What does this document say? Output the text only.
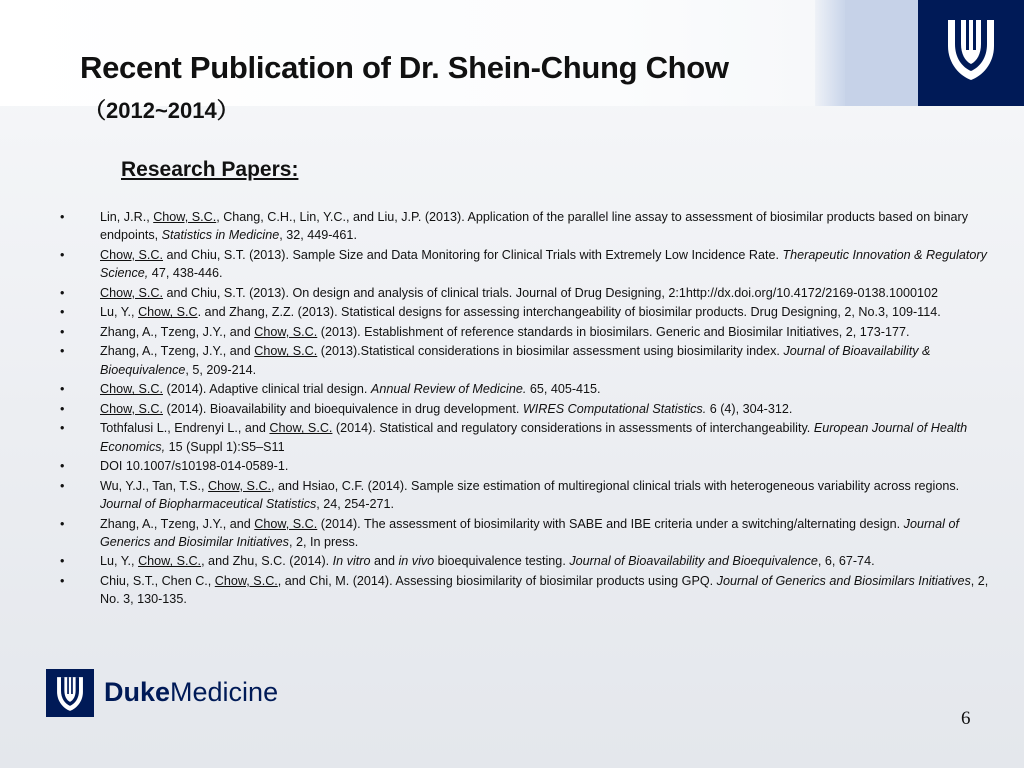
Recent Publication of Dr. Shein-Chung Chow
（2012~2014）
Research Papers:
•	Lin, J.R., Chow, S.C., Chang, C.H., Lin, Y.C., and Liu, J.P. (2013). Application of the parallel line assay to assessment of biosimilar products based on binary endpoints, Statistics in Medicine, 32, 449-461.
•	Chow, S.C. and Chiu, S.T. (2013). Sample Size and Data Monitoring for Clinical Trials with Extremely Low Incidence Rate. Therapeutic Innovation & Regulatory Science, 47, 438-446.
•	Chow, S.C. and Chiu, S.T. (2013). On design and analysis of clinical trials. Journal of Drug Designing, 2:1http://dx.doi.org/10.4172/2169-0138.1000102
•	Lu, Y., Chow, S.C. and Zhang, Z.Z. (2013). Statistical designs for assessing interchangeability of biosimilar products. Drug Designing, 2, No.3, 109-114.
•	Zhang, A., Tzeng, J.Y., and Chow, S.C. (2013). Establishment of reference standards in biosimilars. Generic and Biosimilar Initiatives, 2, 173-177.
•	Zhang, A., Tzeng, J.Y., and Chow, S.C. (2013).Statistical considerations in biosimilar assessment using biosimilarity index. Journal of Bioavailability & Bioequivalence, 5, 209-214.
•	Chow, S.C. (2014). Adaptive clinical trial design. Annual Review of Medicine. 65, 405-415.
•	Chow, S.C. (2014). Bioavailability and bioequivalence in drug development. WIRES Computational Statistics. 6 (4), 304-312.
•	Tothfalusi L., Endrenyi L., and Chow, S.C. (2014). Statistical and regulatory considerations in assessments of interchangeability. European Journal of Health Economics, 15 (Suppl 1):S5–S11
•	DOI 10.1007/s10198-014-0589-1.
•	Wu, Y.J., Tan, T.S., Chow, S.C., and Hsiao, C.F. (2014). Sample size estimation of multiregional clinical trials with heterogeneous variability across regions. Journal of Biopharmaceutical Statistics, 24, 254-271.
•	Zhang, A., Tzeng, J.Y., and Chow, S.C. (2014). The assessment of biosimilarity with SABE and IBE criteria under a switching/alternating design. Journal of Generics and Biosimilar Initiatives, 2, In press.
•	Lu, Y., Chow, S.C., and Zhu, S.C. (2014). In vitro and in vivo bioequivalence testing. Journal of Bioavailability and Bioequivalence, 6, 67-74.
•	Chiu, S.T., Chen C., Chow, S.C., and Chi, M. (2014). Assessing biosimilarity of biosimilar products using GPQ. Journal of Generics and Biosimilars Initiatives, 2, No. 3, 130-135.
DukeMedicine
6
